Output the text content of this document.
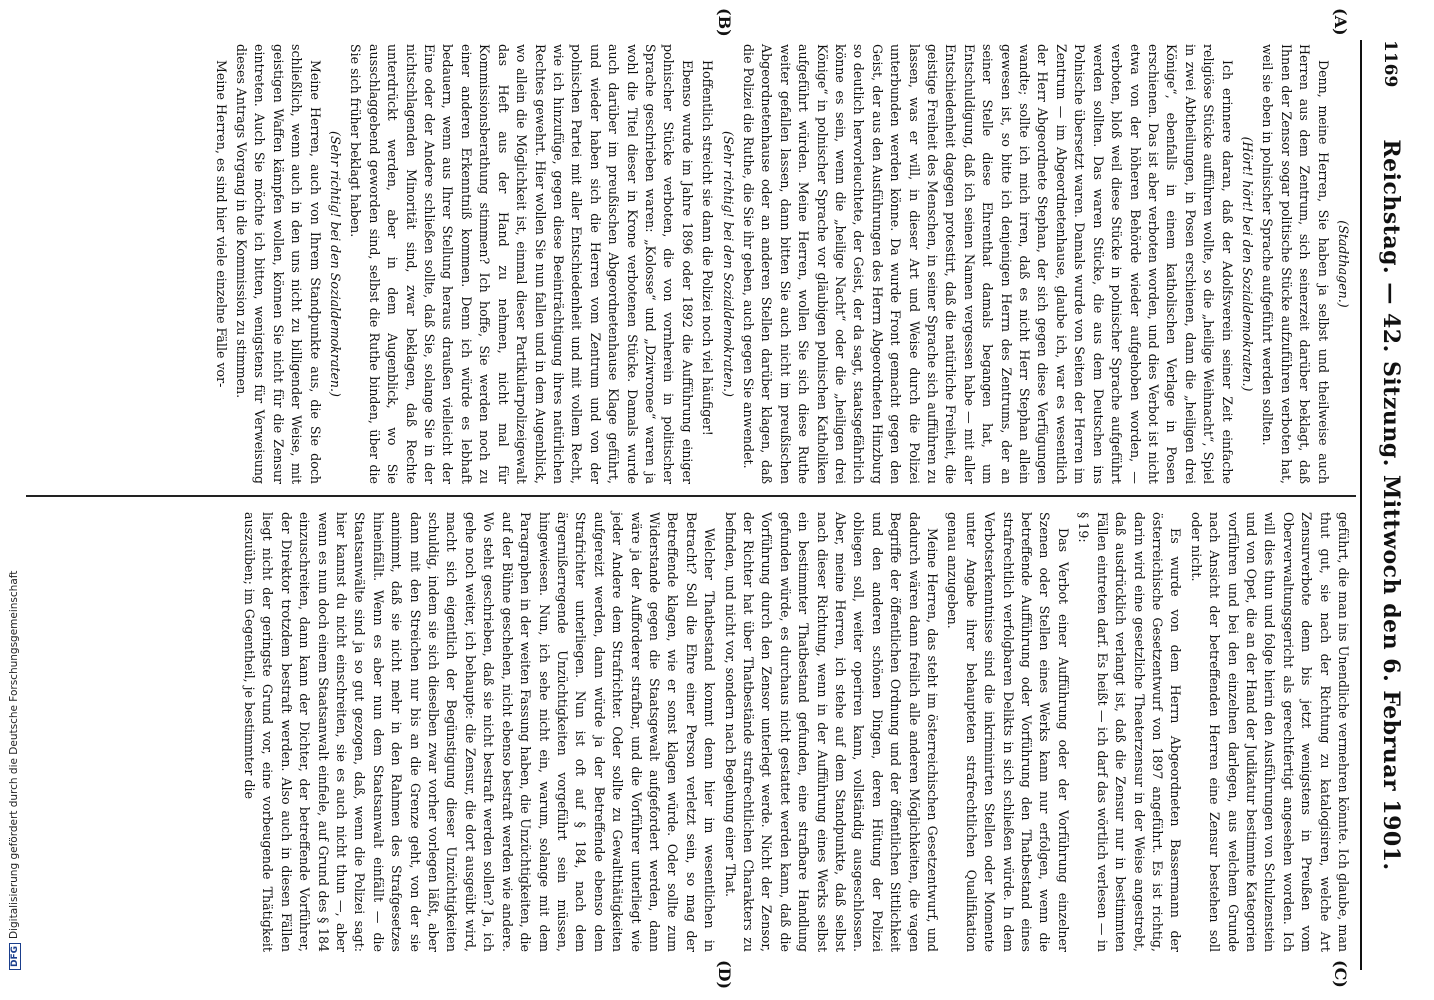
1169
Reichstag. — 42. Sitzung. Mittwoch den 6. Februar 1901.
(A)
(B)
(C)
(D)

(Stadthagen.)

Denn, meine Herren, Sie haben ja selbst und theilweise auch Herren aus dem Zentrum, sich seinerzeit darüber beklagt, daß Ihnen der Zensor sogar politische Stücke aufzuführen verboten hat, weil sie eben in polnischer Sprache aufgeführt werden sollten.

(Hört! hört! bei den Sozialdemokraten.)

Ich erinnere daran, daß der Adolfsverein seiner Zeit einfache religiöse Stücke aufführen wollte, so die „heilige Weihnacht“, Spiel in zwei Abtheilungen, in Posen erschienen, dann die „heiligen drei Könige“, ebenfalls in einem katholischen Verlage in Posen erschienen. Das ist aber verboten worden, und dies Verbot ist nicht etwa von der höheren Behörde wieder aufgehoben worden, — verboten, bloß weil diese Stücke in polnischer Sprache aufgeführt werden sollten. Das waren Stücke, die aus dem Deutschen ins Polnische übersetzt waren. Damals wurde von Seiten der Herren im Zentrum — im Abgeordnetenhause, glaube ich, war es wesentlich der Herr Abgeordnete Stephan, der sich gegen diese Verfügungen wandte; sollte ich mich irren, daß es nicht Herr Stephan allein gewesen ist, so bitte ich denjenigen Herrn des Zentrums, der an seiner Stelle diese Ehrenthat damals begangen hat, um Entschuldigung, daß ich seinen Namen vergessen habe — mit aller Entschiedenheit dagegen protestirt, daß die natürliche Freiheit, die geistige Freiheit des Menschen, in seiner Sprache sich aufführen zu lassen, was er will, in dieser Art und Weise durch die Polizei unterbunden werden könne. Da wurde Front gemacht gegen den Geist, der aus den Ausführungen des Herrn Abgeordneten Hinzburg so deutlich hervorleuchtete, der Geist, der da sagt, staatsgefährlich könne es sein, wenn die „heilige Nacht“ oder die „heiligen drei Könige“ in polnischer Sprache vor gläubigen polnischen Katholiken aufgeführt würden. Meine Herren, wollen Sie sich diese Ruthe weiter gefallen lassen, dann bitten Sie auch nicht im preußischen Abgeordnetenhause oder an anderen Stellen darüber klagen, daß die Polizei die Ruthe, die Sie ihr geben, auch gegen Sie anwendet.

(Sehr richtig! bei den Sozialdemokraten.)

Hoffentlich streicht sie dann die Polizei noch viel häufiger!

Ebenso wurde im Jahre 1896 oder 1892 die Aufführung einiger polnischer Stücke verboten, die von vornherein in politischer Sprache geschrieben waren: „Kolosse“ und „Dziwronee“ waren ja wohl die Titel dieser in Krone verbotenen Stücke. Damals wurde auch darüber im preußischen Abgeordnetenhause Klage geführt, und wieder haben sich die Herren vom Zentrum und von der polnischen Partei mit aller Entschiedenheit und mit vollem Recht, wie ich hinzufüge, gegen diese Beeinträchtigung ihres natürlichen Rechtes gewehrt. Hier wollen Sie nun fallen und in dem Augenblick, wo allein die Möglichkeit ist, einmal dieser Partikularpolizeigewalt das Heft aus der Hand zu nehmen, nicht mal für Kommissionsberathung stimmen? Ich hoffe, Sie werden noch zu einer anderen Erkenntniß kommen. Denn ich würde es lebhaft bedauern, wenn aus Ihrer Stellung heraus draußen vielleicht der Eine oder der Andere schließen sollte, daß Sie, solange Sie in der nichtschlagenden Minorität sind, zwar beklagen, daß Rechte unterdrückt werden, aber in dem Augenblick, wo Sie ausschlaggebend geworden sind, selbst die Ruthe binden, über die Sie sich früher beklagt haben.

(Sehr richtig! bei den Sozialdemokraten.)

Meine Herren, auch von Ihrem Standpunkte aus, die Sie doch schließlich, wenn auch in den uns nicht zu billigender Weise, mit geistigen Waffen kämpfen wollen, können Sie nicht für die Zensur eintreten. Auch Sie möchte ich bitten, wenigstens für Verweisung dieses Antrags Vorgang in die Kommission zu stimmen.

Meine Herren, es sind hier viele einzelne Fälle vor-

geführt, die man ins Unendliche vermehren könnte. Ich glaube, man thut gut, sie nach der Richtung zu katalogisiren, welche Art Zensurverbote denn bis jetzt wenigstens in Preußen vom Oberverwaltungsgericht als gerechtfertigt angesehen worden. Ich will dies thun und folge hierin den Ausführungen von Schulzenstein und von Opet, die an der Hand der Judikatur bestimmte Kategorien vorführen und bei den einzelnen darlegen, aus welchem Grunde nach Ansicht der betreffenden Herren eine Zensur bestehen soll oder nicht.

Es wurde von dem Herrn Abgeordneten Bassermann der österreichische Gesetzentwurf von 1897 angeführt. Es ist richtig, darin wird eine gesetzliche Theaterzensur in der Weise angestrebt, daß ausdrücklich verlangt ist, daß die Zensur nur in bestimmten Fällen eintreten darf. Es heißt — ich darf das wörtlich verlesen — in § 19:

Das Verbot einer Aufführung oder der Vorführung einzelner Szenen oder Stellen eines Werks kann nur erfolgen, wenn die betreffende Aufführung oder Vorführung den Thatbestand eines strafrechtlich verfolgbaren Delikts in sich schließen würde. In dem Verbotserkenntnisse sind die inkriminirten Stellen oder Momente unter Angabe ihrer behaupteten strafrechtlichen Qualifikation genau anzugeben.

Meine Herren, das steht im österreichischen Gesetzentwurf, und dadurch wären dann freilich alle anderen Möglichkeiten, die vagen Begriffe der öffentlichen Ordnung und der öffentlichen Sittlichkeit und den anderen schönen Dingen, deren Hütung der Polizei obliegen soll, weiter operiren kann, vollständig ausgeschlossen. Aber, meine Herren, ich stehe auf dem Standpunkte, daß selbst nach dieser Richtung, wenn in der Aufführung eines Werks selbst ein bestimmter Thatbestand gefunden, eine strafbare Handlung gefunden würde, es durchaus nicht gestattet werden kann, daß die Vorführung durch den Zensor unterlegt werde. Nicht der Zensor, der Richter hat über Thatbestände strafrechtlichen Charakters zu befinden, und nicht vor, sondern nach Begehung einer That.

Welcher Thatbestand kommt denn hier im wesentlichen in Betracht? Soll die Ehre einer Person verletzt sein, so mag der Betreffende klagen, wie er sonst klagen würde. Oder sollte zum Widerstande gegen die Staatsgewalt aufgefordert werden, dann wäre ja der Aufforderer strafbar, und die Vorführer unterliegt wie jeder Andere dem Strafrichter. Oder sollte zu Gewaltthätigkeiten aufgereizt werden, dann würde ja der Betreffende ebenso dem Strafrichter unterliegen. Nun ist oft auf § 184, nach dem ärgernißerregende Unzüchtigkeiten vorgeführt sein müssen, hingewiesen. Nun, ich sehe nicht ein, warum, solange mit dem Paragraphen in der weiten Fassung haben, die Unzüchtigkeiten, die auf der Bühne geschehen, nicht ebenso bestraft werden wie andere. Wo steht geschrieben, daß sie nicht bestraft werden sollen? Ja, ich gehe noch weiter, ich behaupte: die Zensur, die dort ausgeübt wird, macht sich eigentlich der Begünstigung dieser Unzüchtigkeiten schuldig, indem sie sich dieselben zwar vorher vorlegen läßt, aber dann mit den Streichen nur bis an die Grenze geht, von der sie annimmt, daß sie nicht mehr in den Rahmen des Strafgesetzes hineinfällt. Wenn es aber nun dem Staatsanwalt einfällt — die Staatsanwälte sind ja so gut gezogen, daß, wenn die Polizei sagt: hier kannst du nicht einschreiten, sie es auch nicht thun —, aber wenn es nun doch einem Staatsanwalt einfiele, auf Grund des § 184 einzuschreiten, dann kann der Dichter, der betreffende Vorführer, der Direktor trotzdem bestraft werden. Also auch in diesen Fällen liegt nicht der geringste Grund vor, eine vorbeugende Thätigkeit auszuüben; im Gegentheil, je bestimmter die

DFGDigitalisierung gefördert durch die Deutsche Forschungsgemeinschaft
